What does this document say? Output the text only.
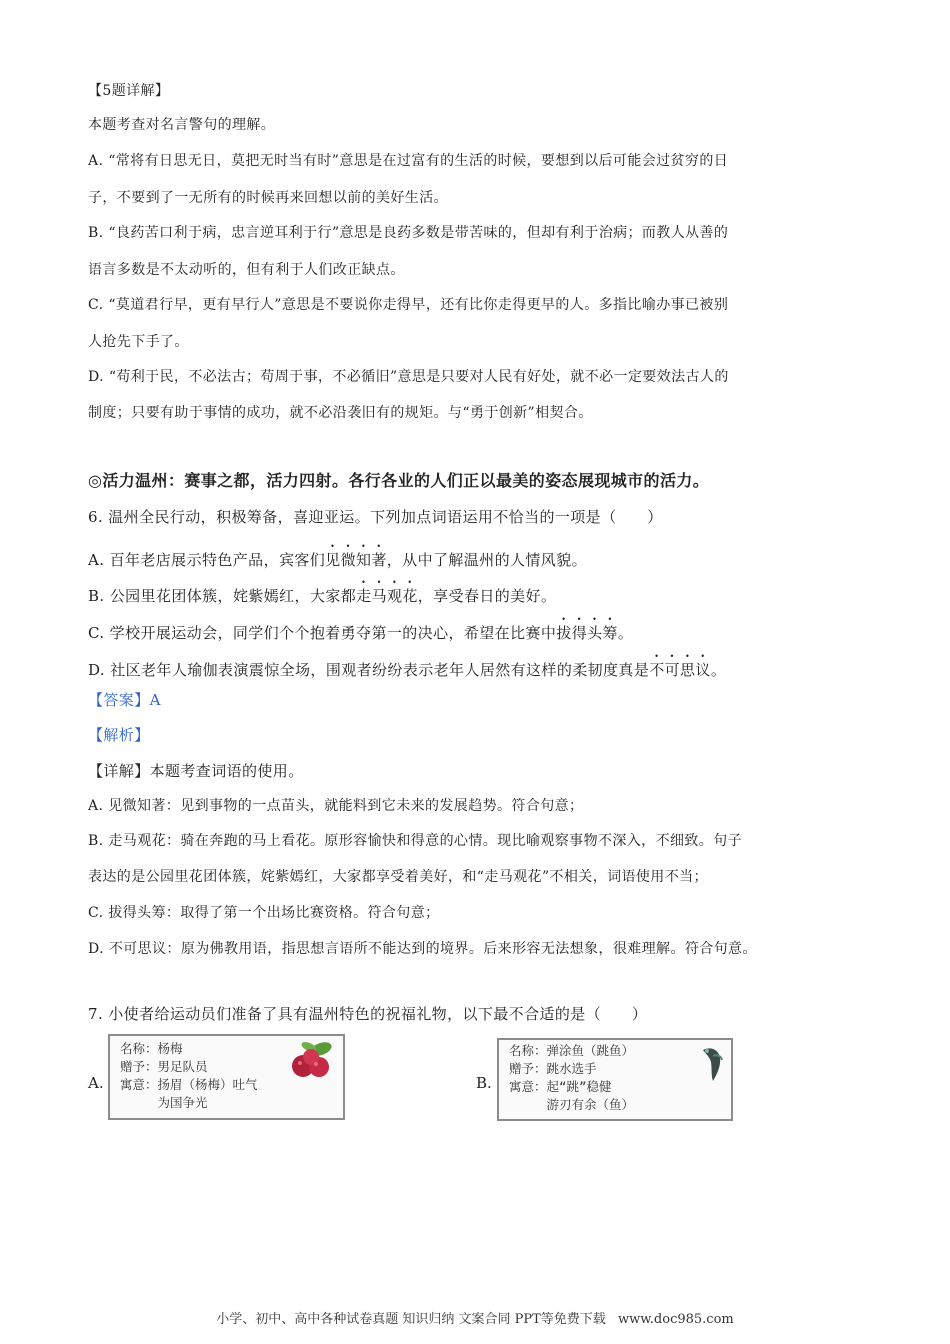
【5题详解】
本题考查对名言警句的理解。
A. “常将有日思无日，莫把无时当有时”意思是在过富有的生活的时候，要想到以后可能会过贫穷的日
子，不要到了一无所有的时候再来回想以前的美好生活。
B. “良药苦口利于病，忠言逆耳利于行”意思是良药多数是带苦味的，但却有利于治病；而教人从善的
语言多数是不太动听的，但有利于人们改正缺点。
C. “莫道君行早，更有早行人”意思是不要说你走得早，还有比你走得更早的人。多指比喻办事已被别
人抢先下手了。
D. “苟利于民，不必法古；苟周于事，不必循旧”意思是只要对人民有好处，就不必一定要效法古人的
制度；只要有助于事情的成功，就不必沿袭旧有的规矩。与“勇于创新”相契合。
◎活力温州：赛事之都，活力四射。各行各业的人们正以最美的姿态展现城市的活力。
6. 温州全民行动，积极筹备，喜迎亚运。下列加点词语运用不恰当的一项是（　　）
A. 百年老店展示特色产品，宾客们见微知著，从中了解温州的人情风貌。
B. 公园里花团体簇，姹紫嫣红，大家都走马观花，享受春日的美好。
C. 学校开展运动会，同学们个个抱着勇夺第一的决心，希望在比赛中拔得头筹。
D. 社区老年人瑜伽表演震惊全场，围观者纷纷表示老年人居然有这样的柔韧度真是不可思议。
【答案】A
【解析】
【详解】本题考查词语的使用。
A. 见微知著：见到事物的一点苗头，就能料到它未来的发展趋势。符合句意；
B. 走马观花：骑在奔跑的马上看花。原形容愉快和得意的心情。现比喻观察事物不深入，不细致。句子
表达的是公园里花团体簇，姹紫嫣红，大家都享受着美好，和“走马观花”不相关，词语使用不当；
C. 拔得头筹：取得了第一个出场比赛资格。符合句意；
D. 不可思议：原为佛教用语，指思想言语所不能达到的境界。后来形容无法想象，很难理解。符合句意。
7. 小使者给运动员们准备了具有温州特色的祝福礼物，以下最不合适的是（　　）
A.
名称：杨梅
赠予：男足队员
寓意：扬眉（杨梅）吐气
　　　为国争光
B.
名称：弹涂鱼（跳鱼）
赠予：跳水选手
寓意：起“跳”稳健
　　　游刃有余（鱼）
小学、初中、高中各种试卷真题 知识归纳 文案合同 PPT等免费下载 www.doc985.com
